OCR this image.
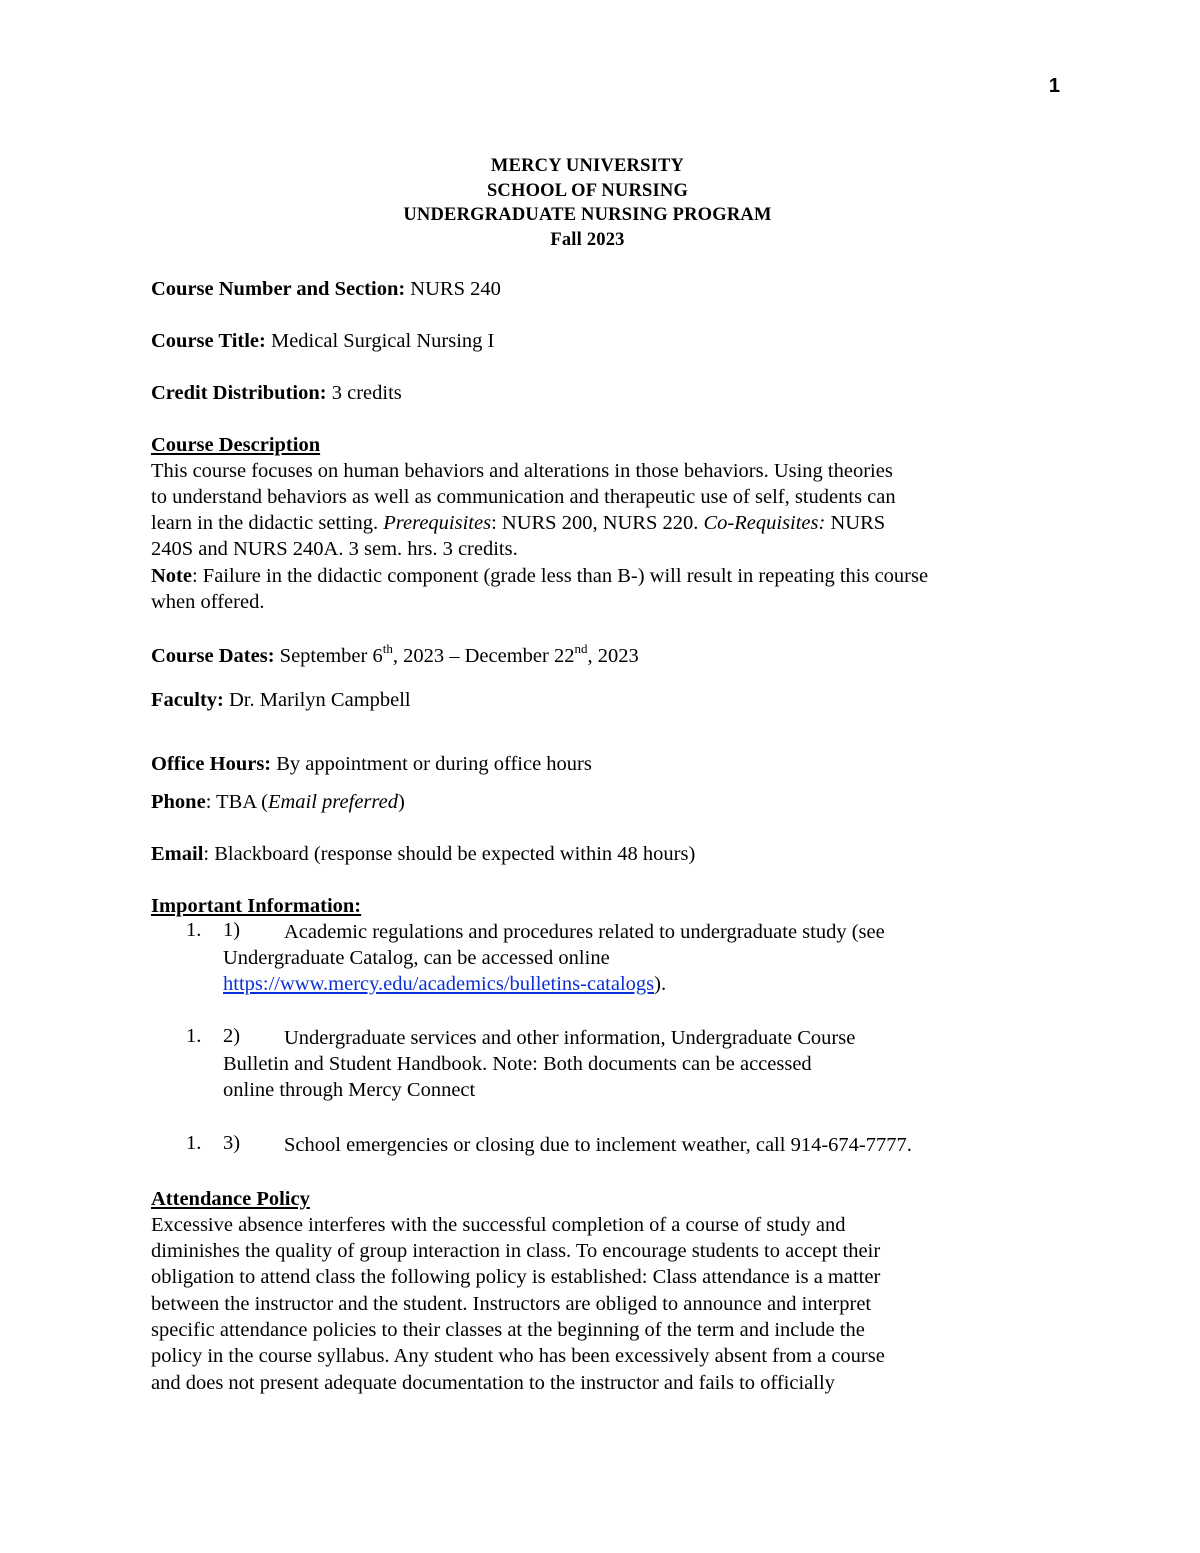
1
MERCY UNIVERSITY
SCHOOL OF NURSING
UNDERGRADUATE NURSING PROGRAM
Fall 2023
Course Number and Section: NURS 240
Course Title: Medical Surgical Nursing I
Credit Distribution: 3 credits
Course Description
This course focuses on human behaviors and alterations in those behaviors. Using theories
to understand behaviors as well as communication and therapeutic use of self, students can
learn in the didactic setting. Prerequisites: NURS 200, NURS 220. Co-Requisites: NURS
240S and NURS 240A. 3 sem. hrs. 3 credits.
Note: Failure in the didactic component (grade less than B-) will result in repeating this course
when offered.
Course Dates: September 6th, 2023 – December 22nd, 2023
Faculty: Dr. Marilyn Campbell
Office Hours: By appointment or during office hours
Phone: TBA (Email preferred)
Email: Blackboard (response should be expected within 48 hours)
Important Information:
1. 1) Academic regulations and procedures related to undergraduate study (see
Undergraduate Catalog, can be accessed online
https://www.mercy.edu/academics/bulletins-catalogs).
1. 2) Undergraduate services and other information, Undergraduate Course
Bulletin and Student Handbook. Note: Both documents can be accessed
online through Mercy Connect
1. 3) School emergencies or closing due to inclement weather, call 914-674-7777.
Attendance Policy
Excessive absence interferes with the successful completion of a course of study and
diminishes the quality of group interaction in class. To encourage students to accept their
obligation to attend class the following policy is established: Class attendance is a matter
between the instructor and the student. Instructors are obliged to announce and interpret
specific attendance policies to their classes at the beginning of the term and include the
policy in the course syllabus. Any student who has been excessively absent from a course
and does not present adequate documentation to the instructor and fails to officially
